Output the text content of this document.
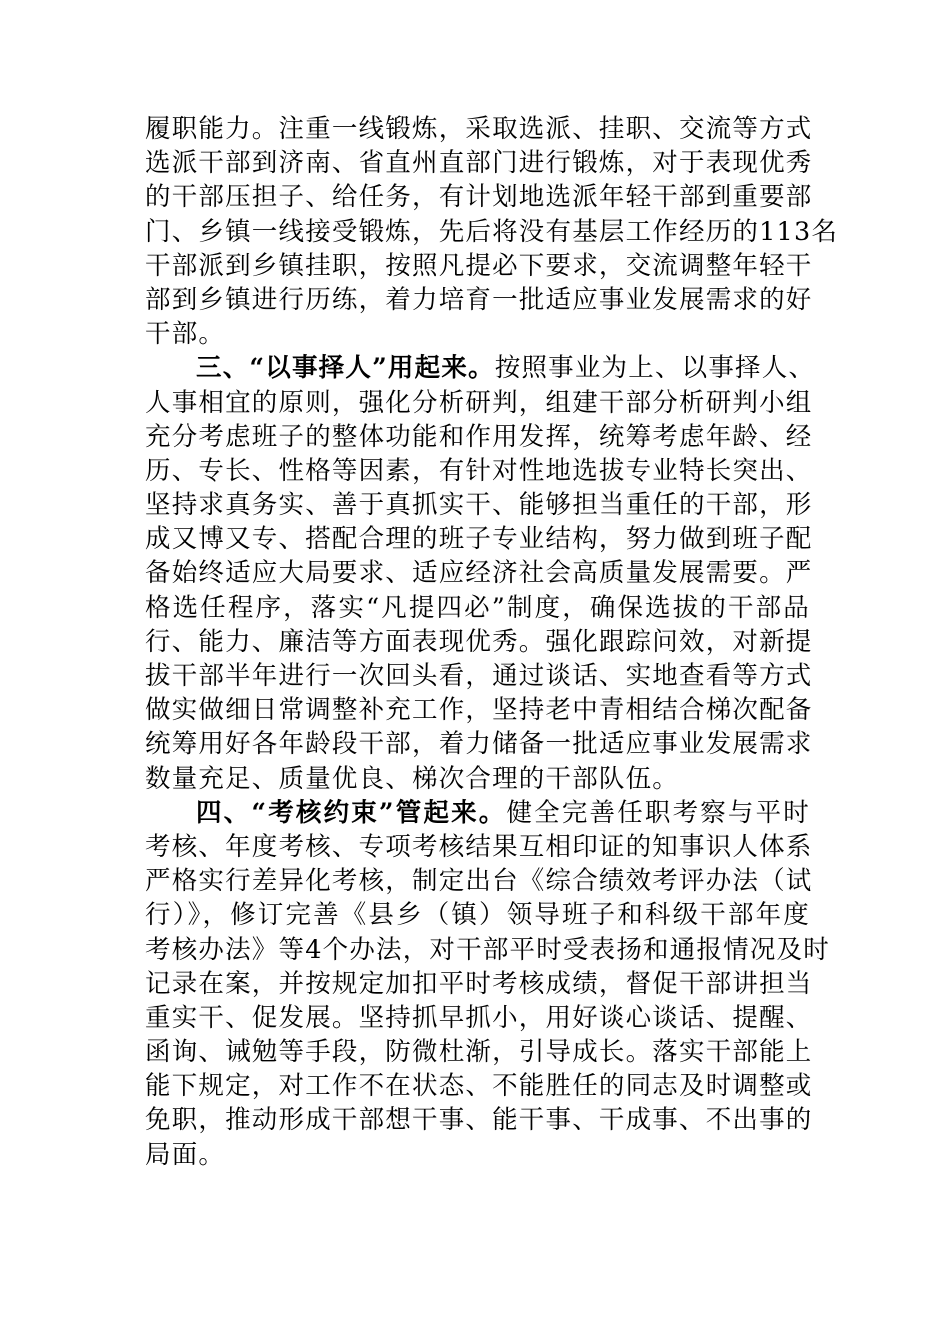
履职能力。注重一线锻炼，采取选派、挂职、交流等方式
选派干部到济南、省直州直部门进行锻炼，对于表现优秀
的干部压担子、给任务，有计划地选派年轻干部到重要部
门、乡镇一线接受锻炼，先后将没有基层工作经历的113名
干部派到乡镇挂职，按照凡提必下要求，交流调整年轻干
部到乡镇进行历练，着力培育一批适应事业发展需求的好
干部。
三、“以事择人”用起来。按照事业为上、以事择人、
人事相宜的原则，强化分析研判，组建干部分析研判小组
充分考虑班子的整体功能和作用发挥，统筹考虑年龄、经
历、专长、性格等因素，有针对性地选拔专业特长突出、
坚持求真务实、善于真抓实干、能够担当重任的干部，形
成又博又专、搭配合理的班子专业结构，努力做到班子配
备始终适应大局要求、适应经济社会高质量发展需要。严
格选任程序，落实“凡提四必”制度，确保选拔的干部品
行、能力、廉洁等方面表现优秀。强化跟踪问效，对新提
拔干部半年进行一次回头看，通过谈话、实地查看等方式
做实做细日常调整补充工作，坚持老中青相结合梯次配备
统筹用好各年龄段干部，着力储备一批适应事业发展需求
数量充足、质量优良、梯次合理的干部队伍。
四、“考核约束”管起来。健全完善任职考察与平时
考核、年度考核、专项考核结果互相印证的知事识人体系
严格实行差异化考核，制定出台《综合绩效考评办法（试
行）》，修订完善《县乡（镇）领导班子和科级干部年度
考核办法》等4个办法，对干部平时受表扬和通报情况及时
记录在案，并按规定加扣平时考核成绩，督促干部讲担当
重实干、促发展。坚持抓早抓小，用好谈心谈话、提醒、
函询、诫勉等手段，防微杜渐，引导成长。落实干部能上
能下规定，对工作不在状态、不能胜任的同志及时调整或
免职，推动形成干部想干事、能干事、干成事、不出事的
局面。
